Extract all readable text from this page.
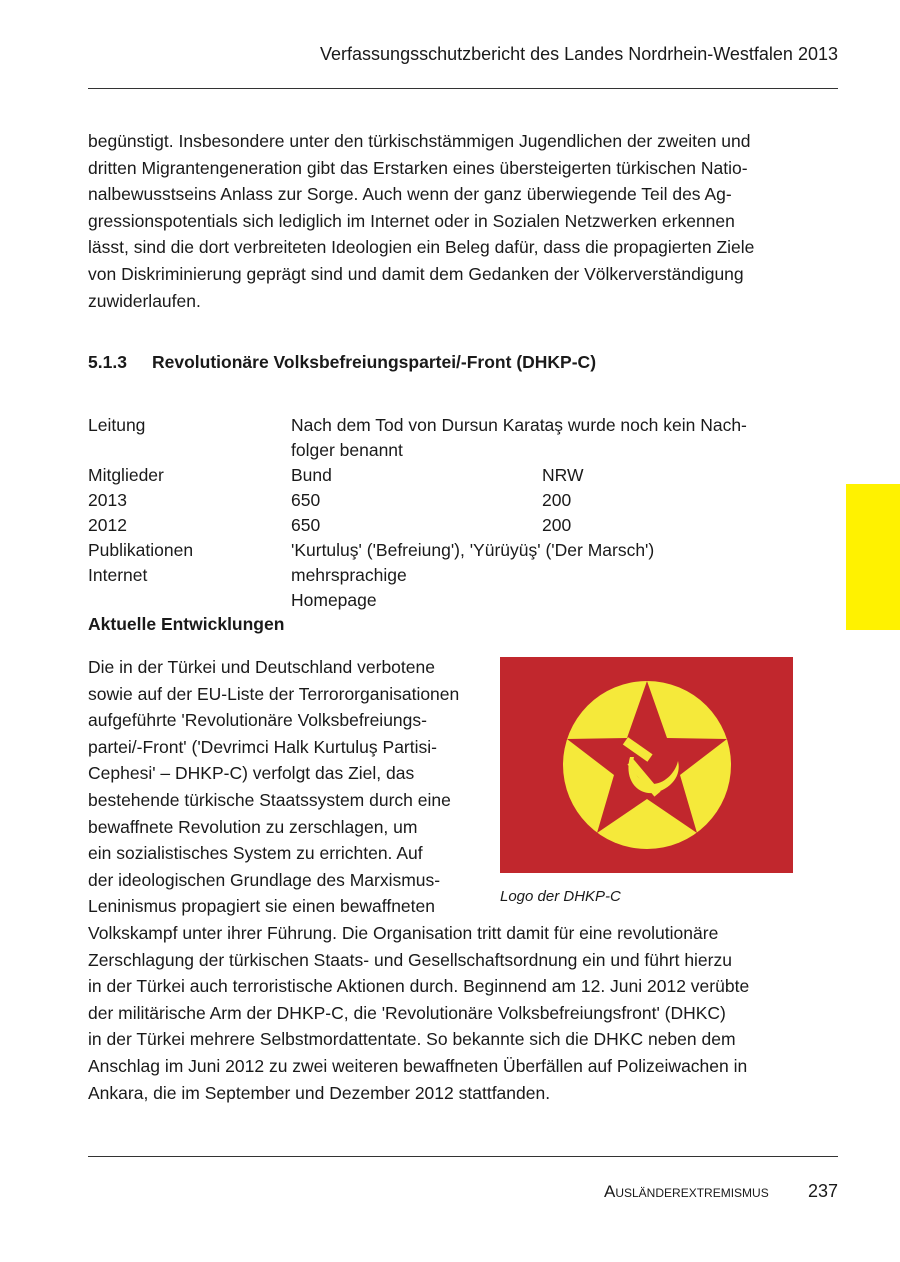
Verfassungsschutzbericht des Landes Nordrhein-Westfalen 2013
begünstigt. Insbesondere unter den türkischstämmigen Jugendlichen der zweiten und
dritten Migrantengeneration gibt das Erstarken eines übersteigerten türkischen Natio-
nalbewusstseins Anlass zur Sorge. Auch wenn der ganz überwiegende Teil des Ag-
gressionspotentials sich lediglich im Internet oder in Sozialen Netzwerken erkennen
lässt, sind die dort verbreiteten Ideologien ein Beleg dafür, dass die propagierten Ziele
von Diskriminierung geprägt sind und damit dem Gedanken der Völkerverständigung
zuwiderlaufen.
5.1.3 Revolutionäre Volksbefreiungspartei/-Front (DHKP-C)
Leitung	Nach dem Tod von Dursun Karataş wurde noch kein Nach-
folger benannt
Mitglieder	Bund	NRW
2013	650	200
2012	650	200
Publikationen	'Kurtuluş' ('Befreiung'), 'Yürüyüş' ('Der Marsch')
Internet	mehrsprachige Homepage
Aktuelle Entwicklungen
Die in der Türkei und Deutschland verbotene
sowie auf der EU-Liste der Terrororganisationen
aufgeführte 'Revolutionäre Volksbefreiungs-
partei/-Front' ('Devrimci Halk Kurtuluş Partisi-
Cephesi' – DHKP-C) verfolgt das Ziel, das
bestehende türkische Staatssystem durch eine
bewaffnete Revolution zu zerschlagen, um
ein sozialistisches System zu errichten. Auf
der ideologischen Grundlage des Marxismus-
Leninismus propagiert sie einen bewaffneten
Volkskampf unter ihrer Führung. Die Organisation tritt damit für eine revolutionäre
Zerschlagung der türkischen Staats- und Gesellschaftsordnung ein und führt hierzu
in der Türkei auch terroristische Aktionen durch. Beginnend am 12. Juni 2012 verübte
der militärische Arm der DHKP-C, die 'Revolutionäre Volksbefreiungsfront' (DHKC)
in der Türkei mehrere Selbstmordattentate. So bekannte sich die DHKC neben dem
Anschlag im Juni 2012 zu zwei weiteren bewaffneten Überfällen auf Polizeiwachen in
Ankara, die im September und Dezember 2012 stattfanden.
Logo der DHKP-C
Ausländerextremismus 237
